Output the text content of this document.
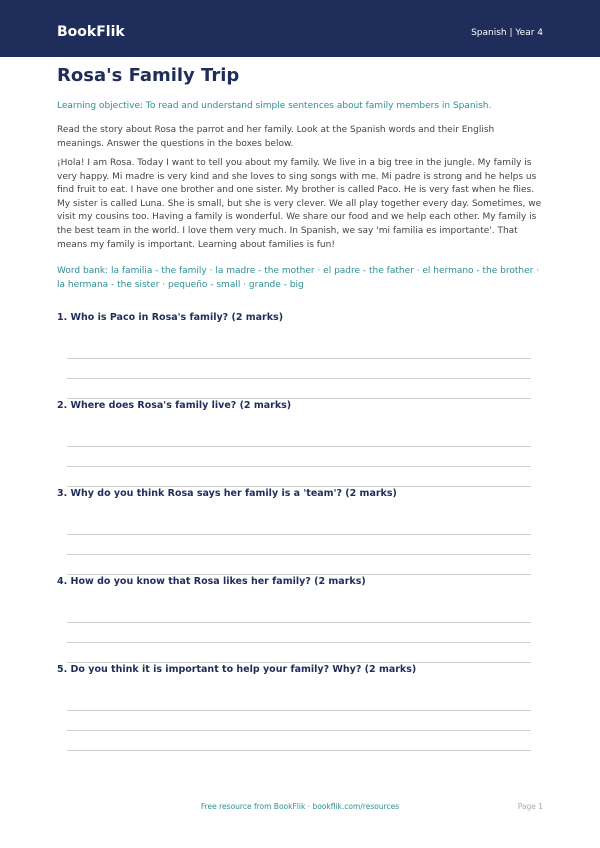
BookFlik	Spanish | Year 4
Rosa's Family Trip
Learning objective: To read and understand simple sentences about family members in Spanish.
Read the story about Rosa the parrot and her family. Look at the Spanish words and their English meanings. Answer the questions in the boxes below.
¡Hola! I am Rosa. Today I want to tell you about my family. We live in a big tree in the jungle. My family is very happy. Mi madre is very kind and she loves to sing songs with me. Mi padre is strong and he helps us find fruit to eat. I have one brother and one sister. My brother is called Paco. He is very fast when he flies. My sister is called Luna. She is small, but she is very clever. We all play together every day. Sometimes, we visit my cousins too. Having a family is wonderful. We share our food and we help each other. My family is the best team in the world. I love them very much. In Spanish, we say 'mi familia es importante'. That means my family is important. Learning about families is fun!
Word bank: la familia - the family · la madre - the mother · el padre - the father · el hermano - the brother · la hermana - the sister · pequeño - small · grande - big
1. Who is Paco in Rosa's family? (2 marks)
2. Where does Rosa's family live? (2 marks)
3. Why do you think Rosa says her family is a 'team'? (2 marks)
4. How do you know that Rosa likes her family? (2 marks)
5. Do you think it is important to help your family? Why? (2 marks)
Free resource from BookFlik · bookflik.com/resources	Page 1
